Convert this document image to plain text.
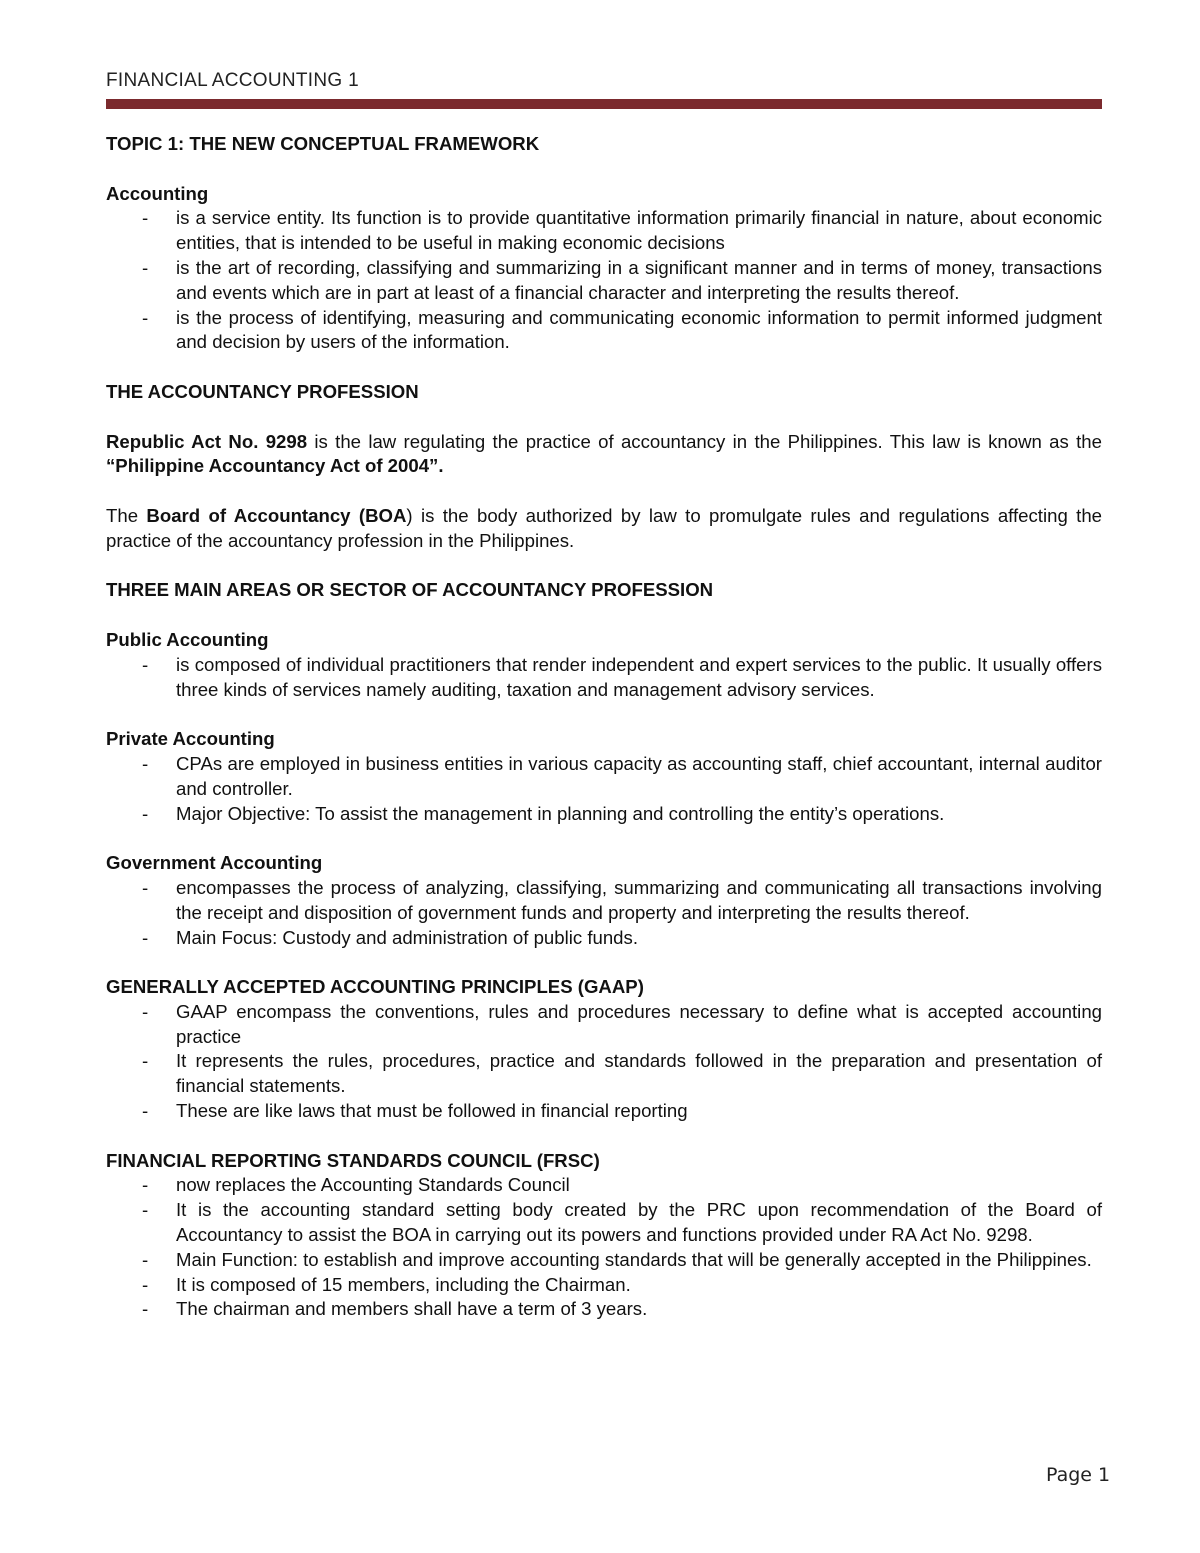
FINANCIAL ACCOUNTING 1

TOPIC 1: THE NEW CONCEPTUAL FRAMEWORK

Accounting

- is a service entity. Its function is to provide quantitative information primarily financial in nature, about economic entities, that is intended to be useful in making economic decisions
- is the art of recording, classifying and summarizing in a significant manner and in terms of money, transactions and events which are in part at least of a financial character and interpreting the results thereof.
- is the process of identifying, measuring and communicating economic information to permit informed judgment and decision by users of the information.

THE ACCOUNTANCY PROFESSION

Republic Act No. 9298 is the law regulating the practice of accountancy in the Philippines. This law is known as the “Philippine Accountancy Act of 2004”.

The Board of Accountancy (BOA) is the body authorized by law to promulgate rules and regulations affecting the practice of the accountancy profession in the Philippines.

THREE MAIN AREAS OR SECTOR OF ACCOUNTANCY PROFESSION

Public Accounting

- is composed of individual practitioners that render independent and expert services to the public. It usually offers three kinds of services namely auditing, taxation and management advisory services.

Private Accounting

- CPAs are employed in business entities in various capacity as accounting staff, chief accountant, internal auditor and controller.
- Major Objective: To assist the management in planning and controlling the entity’s operations.

Government Accounting

- encompasses the process of analyzing, classifying, summarizing and communicating all transactions involving the receipt and disposition of government funds and property and interpreting the results thereof.
- Main Focus: Custody and administration of public funds.

GENERALLY ACCEPTED ACCOUNTING PRINCIPLES (GAAP)

- GAAP encompass the conventions, rules and procedures necessary to define what is accepted accounting practice
- It represents the rules, procedures, practice and standards followed in the preparation and presentation of financial statements.
- These are like laws that must be followed in financial reporting

FINANCIAL REPORTING STANDARDS COUNCIL (FRSC)

- now replaces the Accounting Standards Council
- It is the accounting standard setting body created by the PRC upon recommendation of the Board of Accountancy to assist the BOA in carrying out its powers and functions provided under RA Act No. 9298.
- Main Function: to establish and improve accounting standards that will be generally accepted in the Philippines.
- It is composed of 15 members, including the Chairman.
- The chairman and members shall have a term of 3 years.
Page 1
